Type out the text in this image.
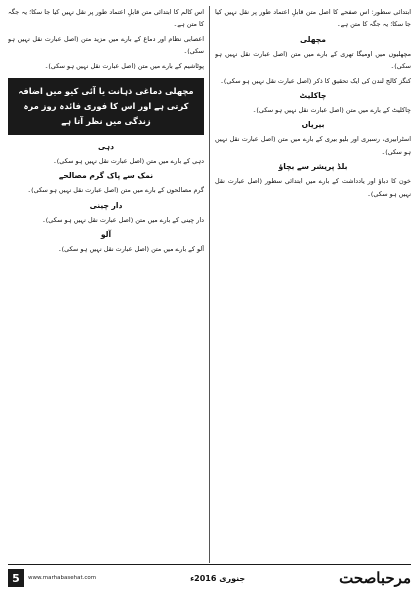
ابتدائی سطور: اس صفحے کا اصل متن قابلِ اعتماد طور پر نقل نہیں کیا جا سکا؛ یہ جگہ کا متن ہے۔

مچھلی

مچھلیوں میں اومیگا تھری کے بارے میں متن (اصل عبارت نقل نہیں ہو سکی)۔

کنگز کالج لندن کی ایک تحقیق کا ذکر (اصل عبارت نقل نہیں ہو سکی)۔

چاکلیٹ

چاکلیٹ کے بارے میں متن (اصل عبارت نقل نہیں ہو سکی)۔

بیریاں

اسٹرابیری، رسبری اور بلیو بیری کے بارے میں متن (اصل عبارت نقل نہیں ہو سکی)۔

بلڈ پریشر سے بچاؤ

خون کا دباؤ اور یادداشت کے بارے میں ابتدائی سطور (اصل عبارت نقل نہیں ہو سکی)۔

اس کالم کا ابتدائی متن قابلِ اعتماد طور پر نقل نہیں کیا جا سکا؛ یہ جگہ کا متن ہے۔

اعصابی نظام اور دماغ کے بارے میں مزید متن (اصل عبارت نقل نہیں ہو سکی)۔

پوٹاشیم کے بارے میں متن (اصل عبارت نقل نہیں ہو سکی)۔

مچھلی دماغی ذہانت یا آئی کیو میں اضافہ کرتی ہے اور اس کا فوری فائدہ روز مرہ زندگی میں نظر آتا ہے
دہی

دہی کے بارے میں متن (اصل عبارت نقل نہیں ہو سکی)۔

نمک سے پاک گرم مصالحے

گرم مصالحوں کے بارے میں متن (اصل عبارت نقل نہیں ہو سکی)۔

دار چینی

دار چینی کے بارے میں متن (اصل عبارت نقل نہیں ہو سکی)۔

آلو

آلو کے بارے میں متن (اصل عبارت نقل نہیں ہو سکی)۔

5	www.marhabasehat.com	جنوری 2016ء	مرحباصحت
